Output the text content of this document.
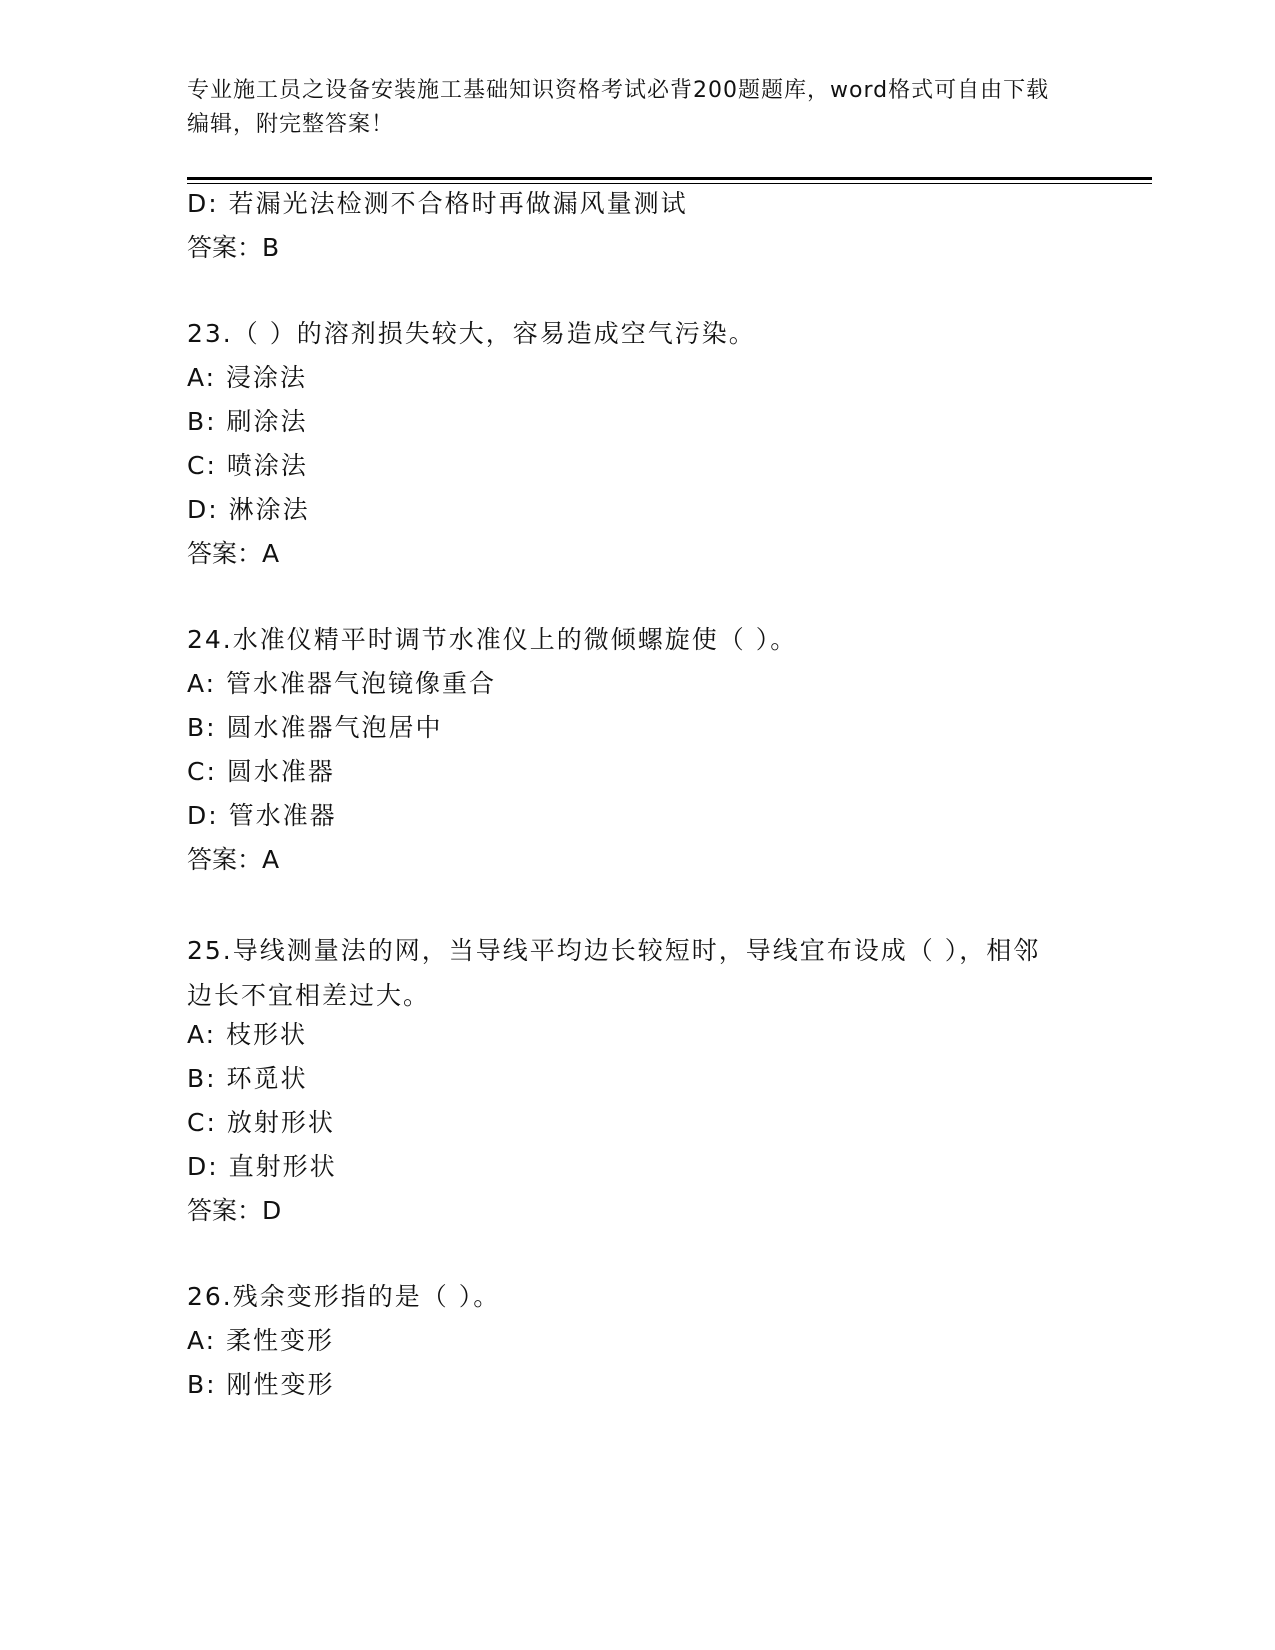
专业施工员之设备安装施工基础知识资格考试必背200题题库，word格式可自由下载编辑，附完整答案！
D: 若漏光法检测不合格时再做漏风量测试
答案：B
23.（ ）的溶剂损失较大，容易造成空气污染。
A: 浸涂法
B: 刷涂法
C: 喷涂法
D: 淋涂法
答案：A
24.水准仪精平时调节水准仪上的微倾螺旋使（ ）。
A: 管水准器气泡镜像重合
B: 圆水准器气泡居中
C: 圆水准器
D: 管水准器
答案：A
25.导线测量法的网，当导线平均边长较短时，导线宜布设成（ ），相邻边长不宜相差过大。
A: 枝形状
B: 环觅状
C: 放射形状
D: 直射形状
答案：D
26.残余变形指的是（ ）。
A: 柔性变形
B: 刚性变形
